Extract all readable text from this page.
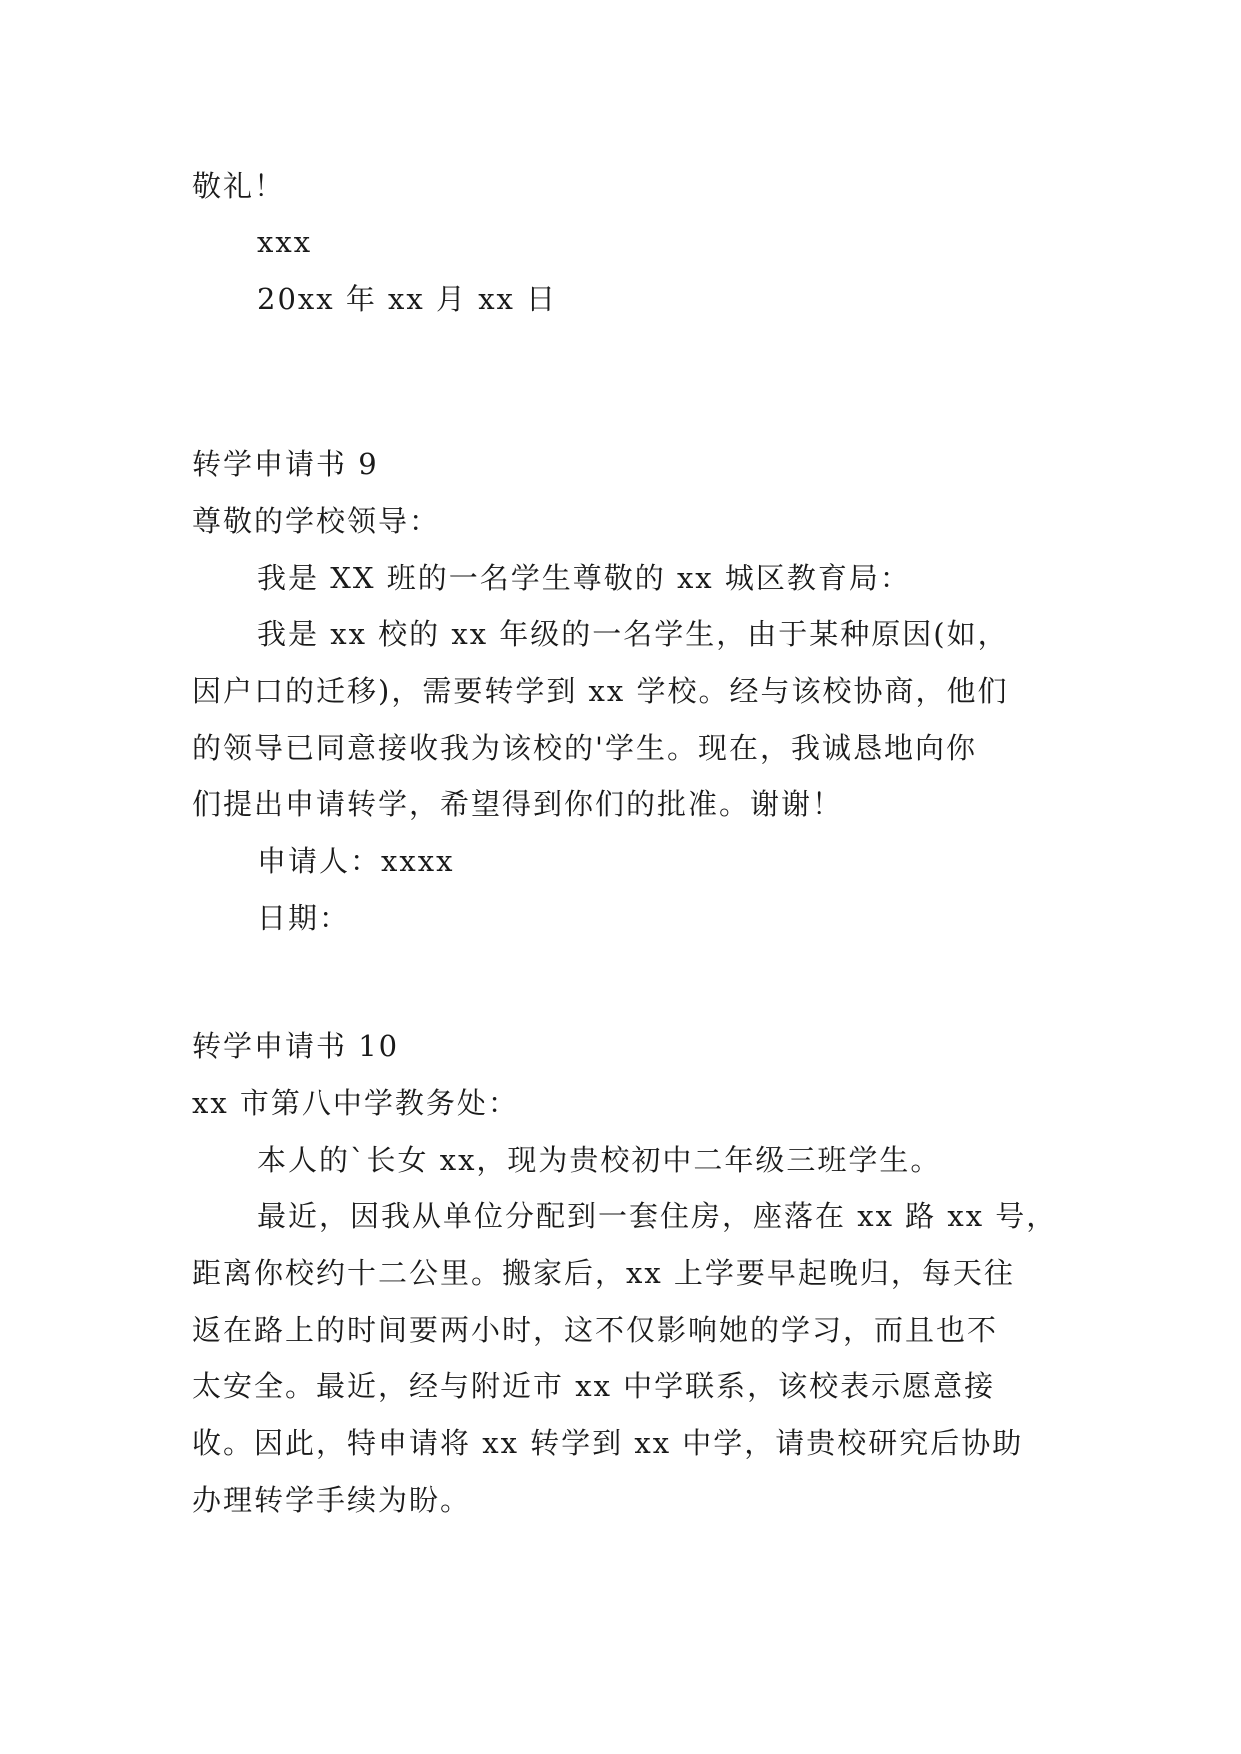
敬礼！
xxx
20xx 年 xx 月 xx 日
转学申请书 9
尊敬的学校领导：
我是 XX 班的一名学生尊敬的 xx 城区教育局：
我是 xx 校的 xx 年级的一名学生，由于某种原因(如，
因户口的迁移)，需要转学到 xx 学校。经与该校协商，他们
的领导已同意接收我为该校的'学生。现在，我诚恳地向你
们提出申请转学，希望得到你们的批准。谢谢！
申请人：xxxx
日期：
转学申请书 10
xx 市第八中学教务处：
本人的`长女 xx，现为贵校初中二年级三班学生。
最近，因我从单位分配到一套住房，座落在 xx 路 xx 号，
距离你校约十二公里。搬家后，xx 上学要早起晚归，每天往
返在路上的时间要两小时，这不仅影响她的学习，而且也不
太安全。最近，经与附近市 xx 中学联系，该校表示愿意接
收。因此，特申请将 xx 转学到 xx 中学，请贵校研究后协助
办理转学手续为盼。
